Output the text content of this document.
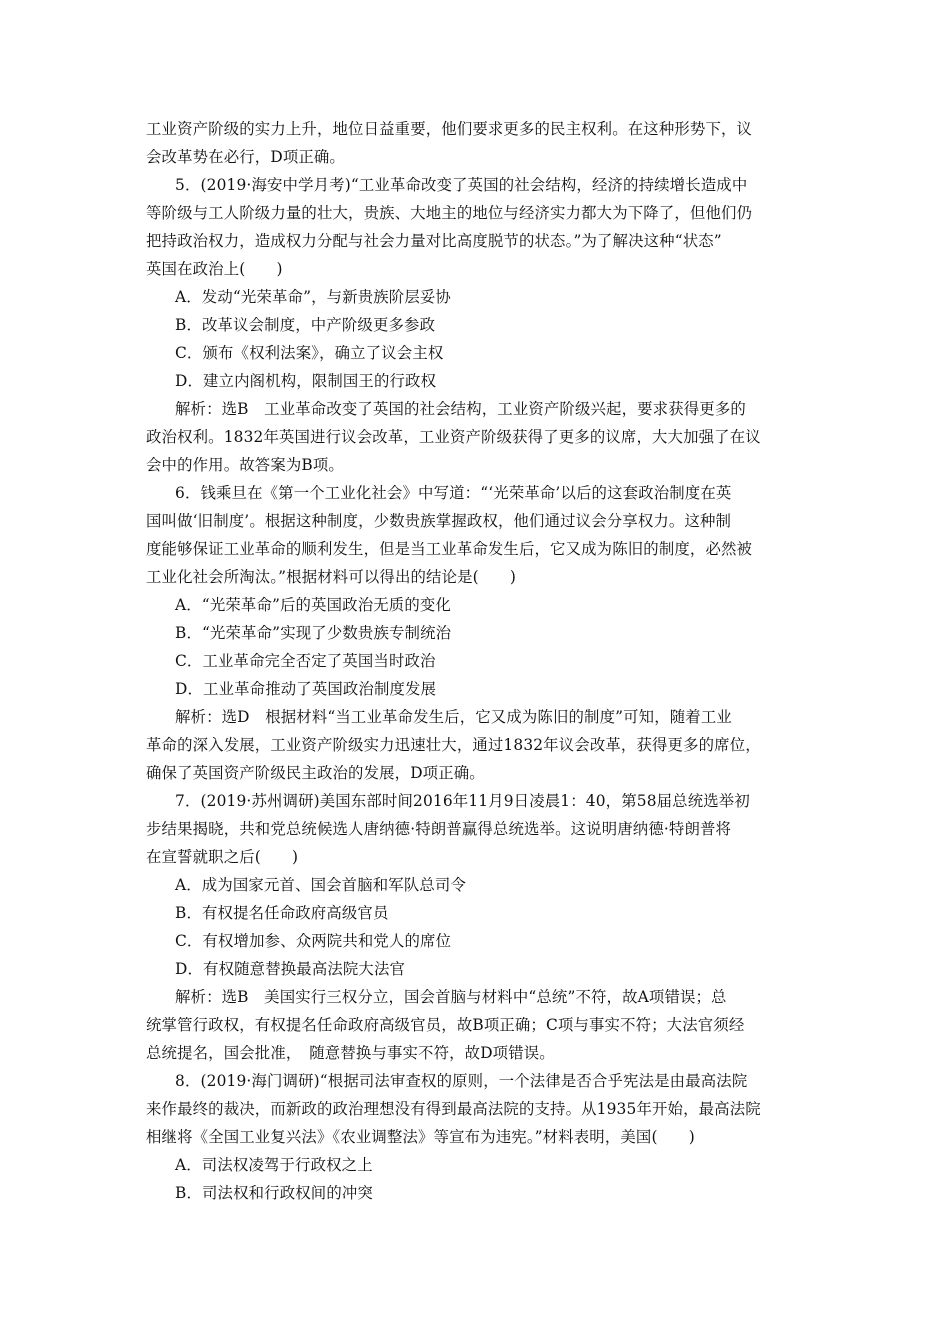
工业资产阶级的实力上升，地位日益重要，他们要求更多的民主权利。在这种形势下，议
会改革势在必行，D项正确。
5．(2019·海安中学月考)“工业革命改变了英国的社会结构，经济的持续增长造成中
等阶级与工人阶级力量的壮大，贵族、大地主的地位与经济实力都大为下降了，但他们仍
把持政治权力，造成权力分配与社会力量对比高度脱节的状态。”为了解决这种“状态”
英国在政治上(　　)
A．发动“光荣革命”，与新贵族阶层妥协
B．改革议会制度，中产阶级更多参政
C．颁布《权利法案》，确立了议会主权
D．建立内阁机构，限制国王的行政权
解析：选B　工业革命改变了英国的社会结构，工业资产阶级兴起，要求获得更多的
政治权利。1832年英国进行议会改革，工业资产阶级获得了更多的议席，大大加强了在议
会中的作用。故答案为B项。
6．钱乘旦在《第一个工业化社会》中写道：“‘光荣革命’以后的这套政治制度在英
国叫做‘旧制度’。根据这种制度，少数贵族掌握政权，他们通过议会分享权力。这种制
度能够保证工业革命的顺利发生，但是当工业革命发生后，它又成为陈旧的制度，必然被
工业化社会所淘汰。”根据材料可以得出的结论是(　　)
A．“光荣革命”后的英国政治无质的变化
B．“光荣革命”实现了少数贵族专制统治
C．工业革命完全否定了英国当时政治
D．工业革命推动了英国政治制度发展
解析：选D　根据材料“当工业革命发生后，它又成为陈旧的制度”可知，随着工业
革命的深入发展，工业资产阶级实力迅速壮大，通过1832年议会改革，获得更多的席位，
确保了英国资产阶级民主政治的发展，D项正确。
7．(2019·苏州调研)美国东部时间2016年11月9日凌晨1：40，第58届总统选举初
步结果揭晓，共和党总统候选人唐纳德·特朗普赢得总统选举。这说明唐纳德·特朗普将
在宣誓就职之后(　　)
A．成为国家元首、国会首脑和军队总司令
B．有权提名任命政府高级官员
C．有权增加参、众两院共和党人的席位
D．有权随意替换最高法院大法官
解析：选B　美国实行三权分立，国会首脑与材料中“总统”不符，故A项错误；总
统掌管行政权，有权提名任命政府高级官员，故B项正确；C项与事实不符；大法官须经
总统提名，国会批准，　随意替换与事实不符，故D项错误。
8．(2019·海门调研)“根据司法审查权的原则，一个法律是否合乎宪法是由最高法院
来作最终的裁决，而新政的政治理想没有得到最高法院的支持。从1935年开始，最高法院
相继将《全国工业复兴法》《农业调整法》等宣布为违宪。”材料表明，美国(　　)
A．司法权凌驾于行政权之上
B．司法权和行政权间的冲突
